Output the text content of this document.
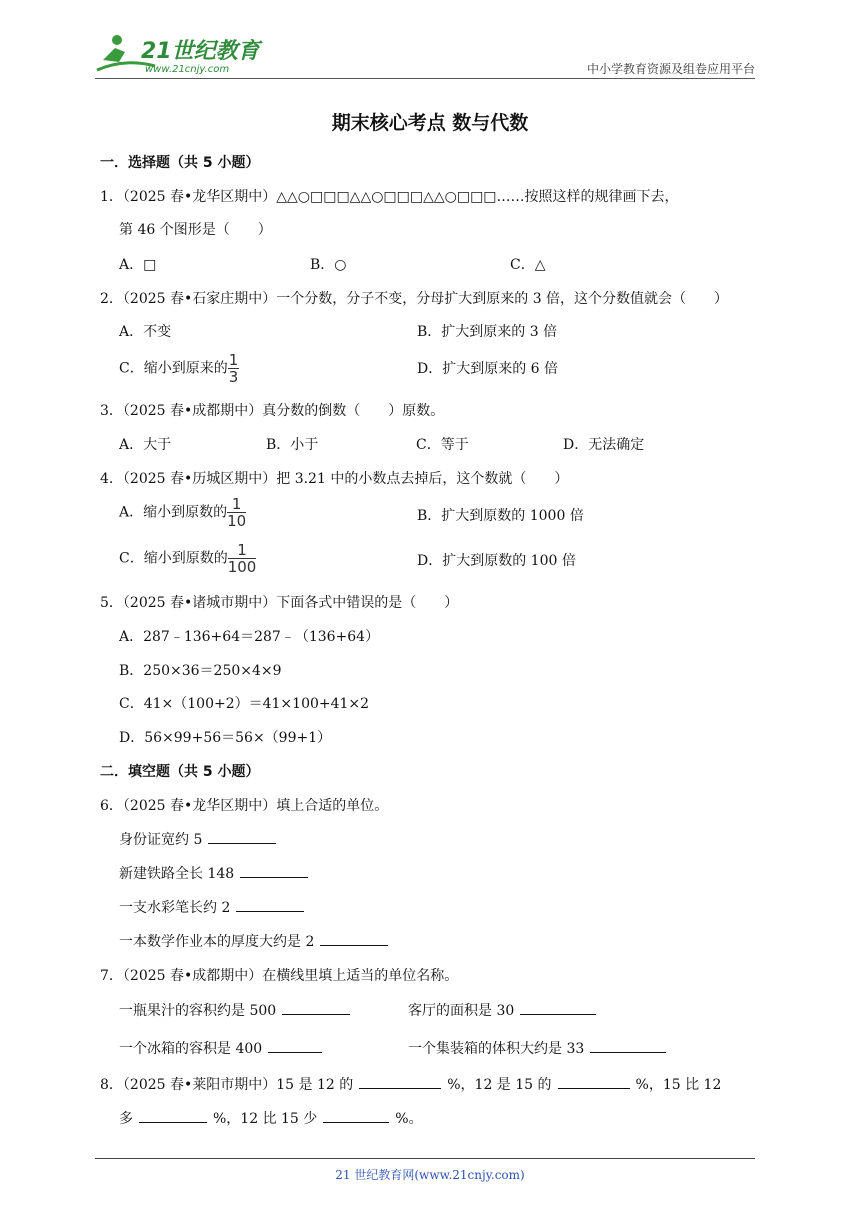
21世纪教育
www.21cnjy.com	中小学教育资源及组卷应用平台
期末核心考点 数与代数
一．选择题（共 5 小题）
1．（2025 春•龙华区期中）△△○□□□△△○□□□△△○□□□……按照这样的规律画下去，
第 46 个图形是（　　）
A．□	B．○	C．△
2．（2025 春•石家庄期中）一个分数，分子不变，分母扩大到原来的 3 倍，这个分数值就会（　　）
A．不变	B．扩大到原来的 3 倍
C．缩小到原来的 $\frac{1}{3}$	D．扩大到原来的 6 倍
3．（2025 春•成都期中）真分数的倒数（　　）原数。
A．大于	B．小于	C．等于	D．无法确定
4．（2025 春•历城区期中）把 3.21 中的小数点去掉后，这个数就（　　）
A．缩小到原数的 $\frac{1}{10}$	B．扩大到原数的 1000 倍
C．缩小到原数的 $\frac{1}{100}$	D．扩大到原数的 100 倍
5．（2025 春•诸城市期中）下面各式中错误的是（　　）
A．287﹣136+64＝287﹣（136+64）
B．250×36＝250×4×9
C．41×（100+2）＝41×100+41×2
D．56×99+56＝56×（99+1）
二．填空题（共 5 小题）
6．（2025 春•龙华区期中）填上合适的单位。
身份证宽约 5
新建铁路全长 148
一支水彩笔长约 2
一本数学作业本的厚度大约是 2
7．（2025 春•成都期中）在横线里填上适当的单位名称。
一瓶果汁的容积约是 500	客厅的面积是 30
一个冰箱的容积是 400	一个集装箱的体积大约是 33
8．（2025 春•莱阳市期中）15 是 12 的	%，12 是 15 的	%，15 比 12
多	%，12 比 15 少	%。
21 世纪教育网(www.21cnjy.com)
